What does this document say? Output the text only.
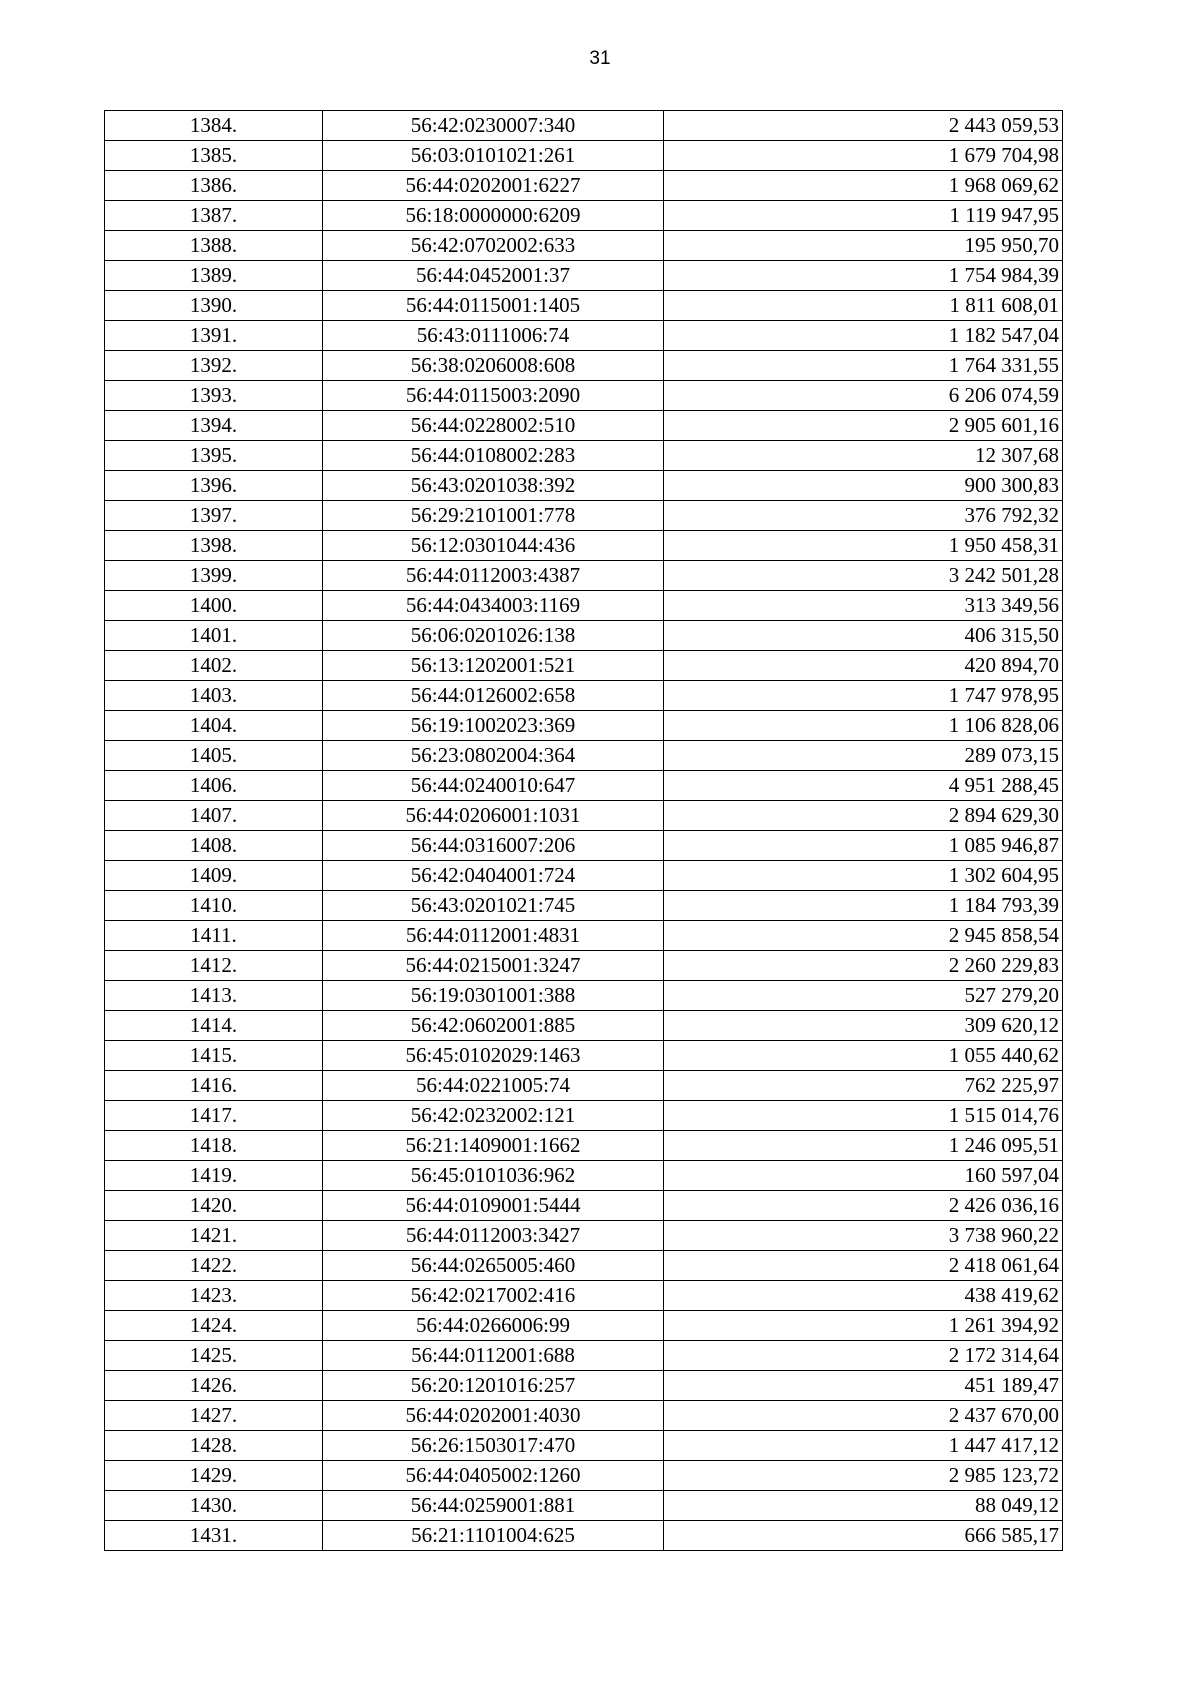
31
1384.	56:42:0230007:340	2 443 059,53
1385.	56:03:0101021:261	1 679 704,98
1386.	56:44:0202001:6227	1 968 069,62
1387.	56:18:0000000:6209	1 119 947,95
1388.	56:42:0702002:633	195 950,70
1389.	56:44:0452001:37	1 754 984,39
1390.	56:44:0115001:1405	1 811 608,01
1391.	56:43:0111006:74	1 182 547,04
1392.	56:38:0206008:608	1 764 331,55
1393.	56:44:0115003:2090	6 206 074,59
1394.	56:44:0228002:510	2 905 601,16
1395.	56:44:0108002:283	12 307,68
1396.	56:43:0201038:392	900 300,83
1397.	56:29:2101001:778	376 792,32
1398.	56:12:0301044:436	1 950 458,31
1399.	56:44:0112003:4387	3 242 501,28
1400.	56:44:0434003:1169	313 349,56
1401.	56:06:0201026:138	406 315,50
1402.	56:13:1202001:521	420 894,70
1403.	56:44:0126002:658	1 747 978,95
1404.	56:19:1002023:369	1 106 828,06
1405.	56:23:0802004:364	289 073,15
1406.	56:44:0240010:647	4 951 288,45
1407.	56:44:0206001:1031	2 894 629,30
1408.	56:44:0316007:206	1 085 946,87
1409.	56:42:0404001:724	1 302 604,95
1410.	56:43:0201021:745	1 184 793,39
1411.	56:44:0112001:4831	2 945 858,54
1412.	56:44:0215001:3247	2 260 229,83
1413.	56:19:0301001:388	527 279,20
1414.	56:42:0602001:885	309 620,12
1415.	56:45:0102029:1463	1 055 440,62
1416.	56:44:0221005:74	762 225,97
1417.	56:42:0232002:121	1 515 014,76
1418.	56:21:1409001:1662	1 246 095,51
1419.	56:45:0101036:962	160 597,04
1420.	56:44:0109001:5444	2 426 036,16
1421.	56:44:0112003:3427	3 738 960,22
1422.	56:44:0265005:460	2 418 061,64
1423.	56:42:0217002:416	438 419,62
1424.	56:44:0266006:99	1 261 394,92
1425.	56:44:0112001:688	2 172 314,64
1426.	56:20:1201016:257	451 189,47
1427.	56:44:0202001:4030	2 437 670,00
1428.	56:26:1503017:470	1 447 417,12
1429.	56:44:0405002:1260	2 985 123,72
1430.	56:44:0259001:881	88 049,12
1431.	56:21:1101004:625	666 585,17
